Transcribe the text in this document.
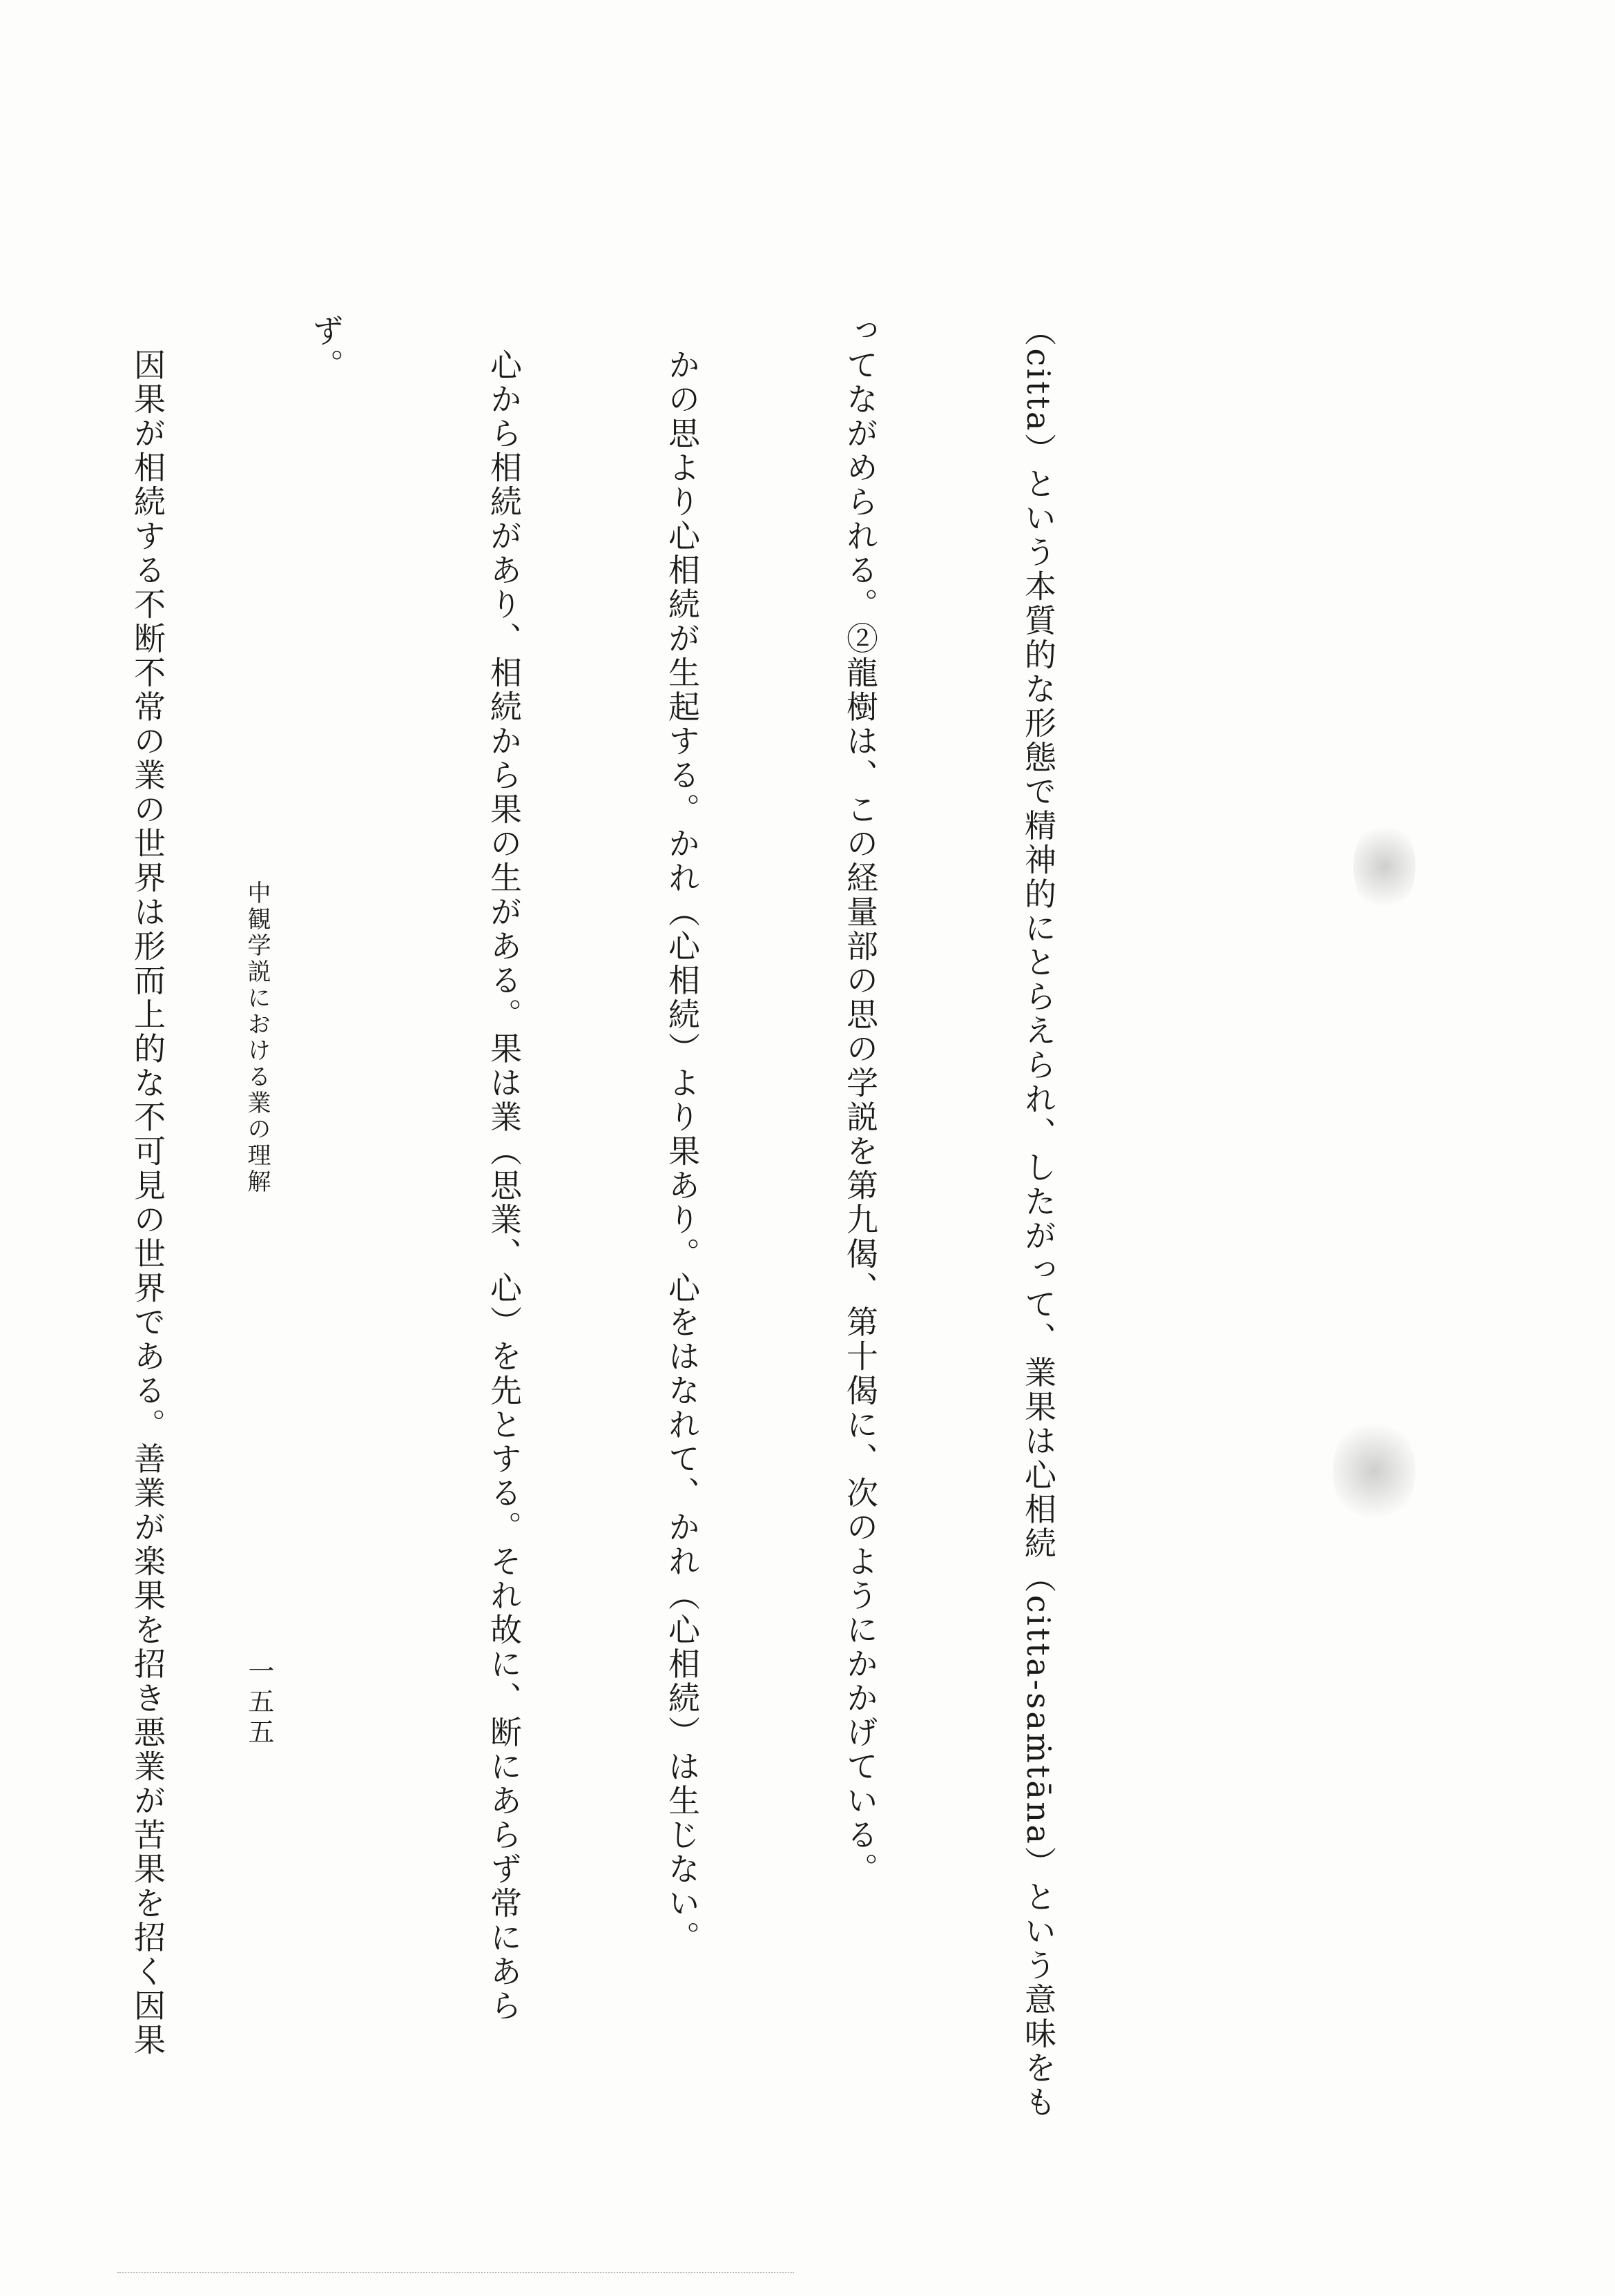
（citta）という本質的な形態で精神的にとらえられ、したがって、業果は心相続（citta-saṁtāna）という意味をも

ってながめられる。②龍樹は、この経量部の思の学説を第九偈、第十偈に、次のようにかかげている。

　かの思より心相続が生起する。かれ（心相続）より果あり。心をはなれて、かれ（心相続）は生じない。

　心から相続があり、相続から果の生がある。果は業（思業、心）を先とする。それ故に、断にあらず常にあら

ず。

　因果が相続する不断不常の業の世界は形而上的な不可見の世界である。善業が楽果を招き悪業が苦果を招く因果

	中観学説における業の理解
一五五
